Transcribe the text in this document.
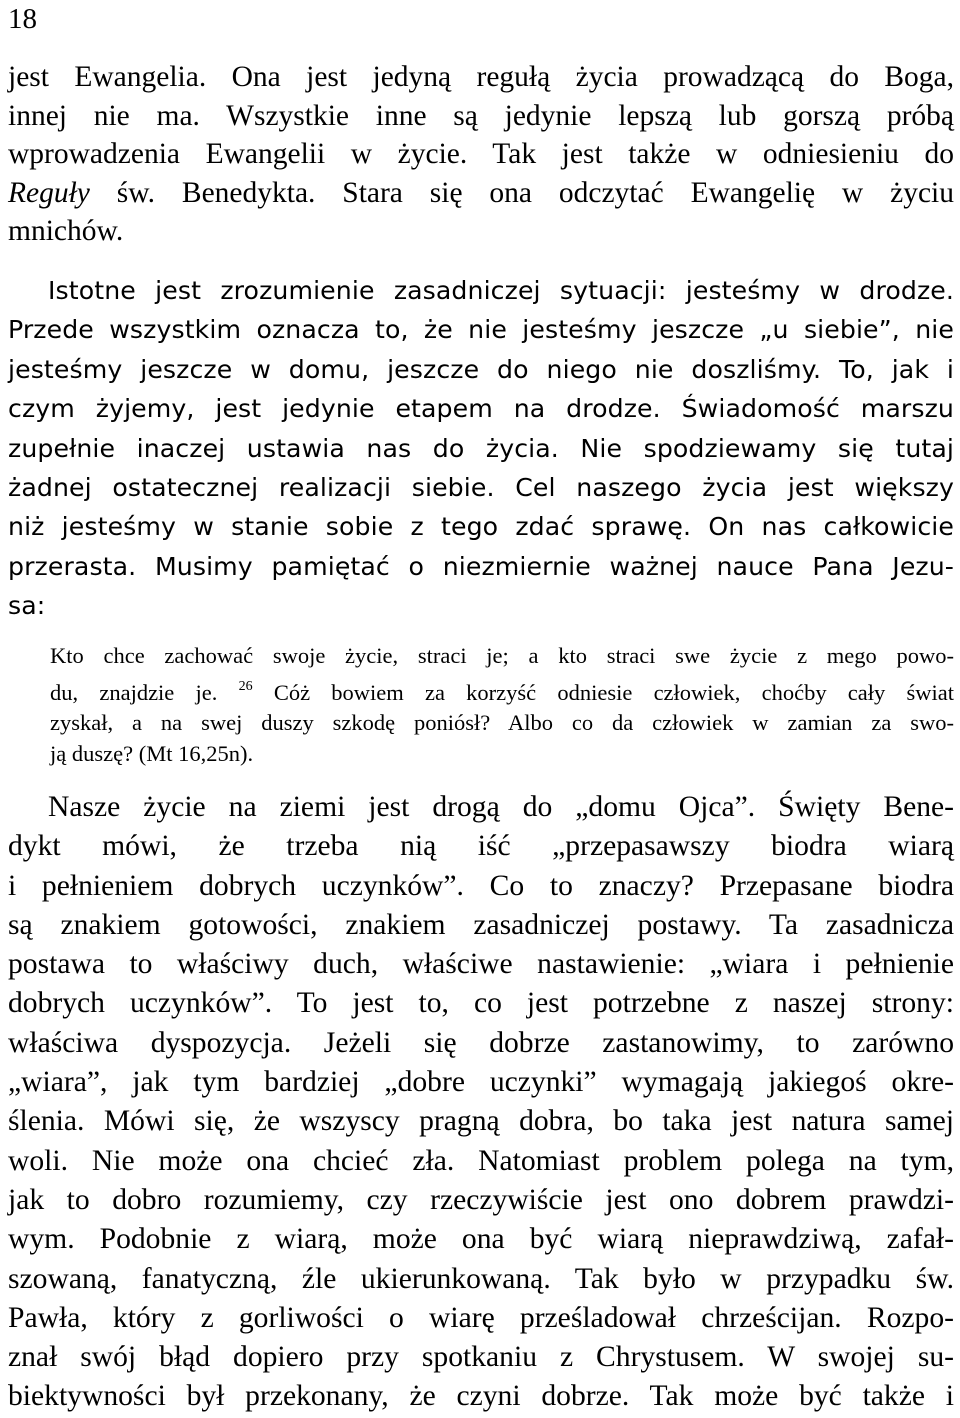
18
jest Ewangelia. Ona jest jedyną regułą życia prowadzącą do Boga,
innej nie ma. Wszystkie inne są jedynie lepszą lub gorszą próbą
wprowadzenia Ewangelii w życie. Tak jest także w odniesieniu do
Reguły św. Benedykta. Stara się ona odczytać Ewangelię w życiu
mnichów.
Istotne jest zrozumienie zasadniczej sytuacji: jesteśmy w drodze.
Przede wszystkim oznacza to, że nie jesteśmy jeszcze „u siebie”, nie
jesteśmy jeszcze w domu, jeszcze do niego nie doszliśmy. To, jak i
czym żyjemy, jest jedynie etapem na drodze. Świadomość marszu
zupełnie inaczej ustawia nas do życia. Nie spodziewamy się tutaj
żadnej ostatecznej realizacji siebie. Cel naszego życia jest większy
niż jesteśmy w stanie sobie z tego zdać sprawę. On nas całkowicie
przerasta. Musimy pamiętać o niezmiernie ważnej nauce Pana Jezu-
sa:
Kto chce zachować swoje życie, straci je; a kto straci swe życie z mego powo-
du, znajdzie je. $^{26}$ Cóż bowiem za korzyść odniesie człowiek, choćby cały świat
zyskał, a na swej duszy szkodę poniósł? Albo co da człowiek w zamian za swo-
ją duszę? (Mt 16,25n).
Nasze życie na ziemi jest drogą do „domu Ojca”. Święty Bene-
dykt mówi, że trzeba nią iść „przepasawszy biodra wiarą
i pełnieniem dobrych uczynków”. Co to znaczy? Przepasane biodra
są znakiem gotowości, znakiem zasadniczej postawy. Ta zasadnicza
postawa to właściwy duch, właściwe nastawienie: „wiara i pełnienie
dobrych uczynków”. To jest to, co jest potrzebne z naszej strony:
właściwa dyspozycja. Jeżeli się dobrze zastanowimy, to zarówno
„wiara”, jak tym bardziej „dobre uczynki” wymagają jakiegoś okre-
ślenia. Mówi się, że wszyscy pragną dobra, bo taka jest natura samej
woli. Nie może ona chcieć zła. Natomiast problem polega na tym,
jak to dobro rozumiemy, czy rzeczywiście jest ono dobrem prawdzi-
wym. Podobnie z wiarą, może ona być wiarą nieprawdziwą, zafał-
szowaną, fanatyczną, źle ukierunkowaną. Tak było w przypadku św.
Pawła, który z gorliwości o wiarę prześladował chrześcijan. Rozpo-
znał swój błąd dopiero przy spotkaniu z Chrystusem. W swojej su-
biektywności był przekonany, że czyni dobrze. Tak może być także i
